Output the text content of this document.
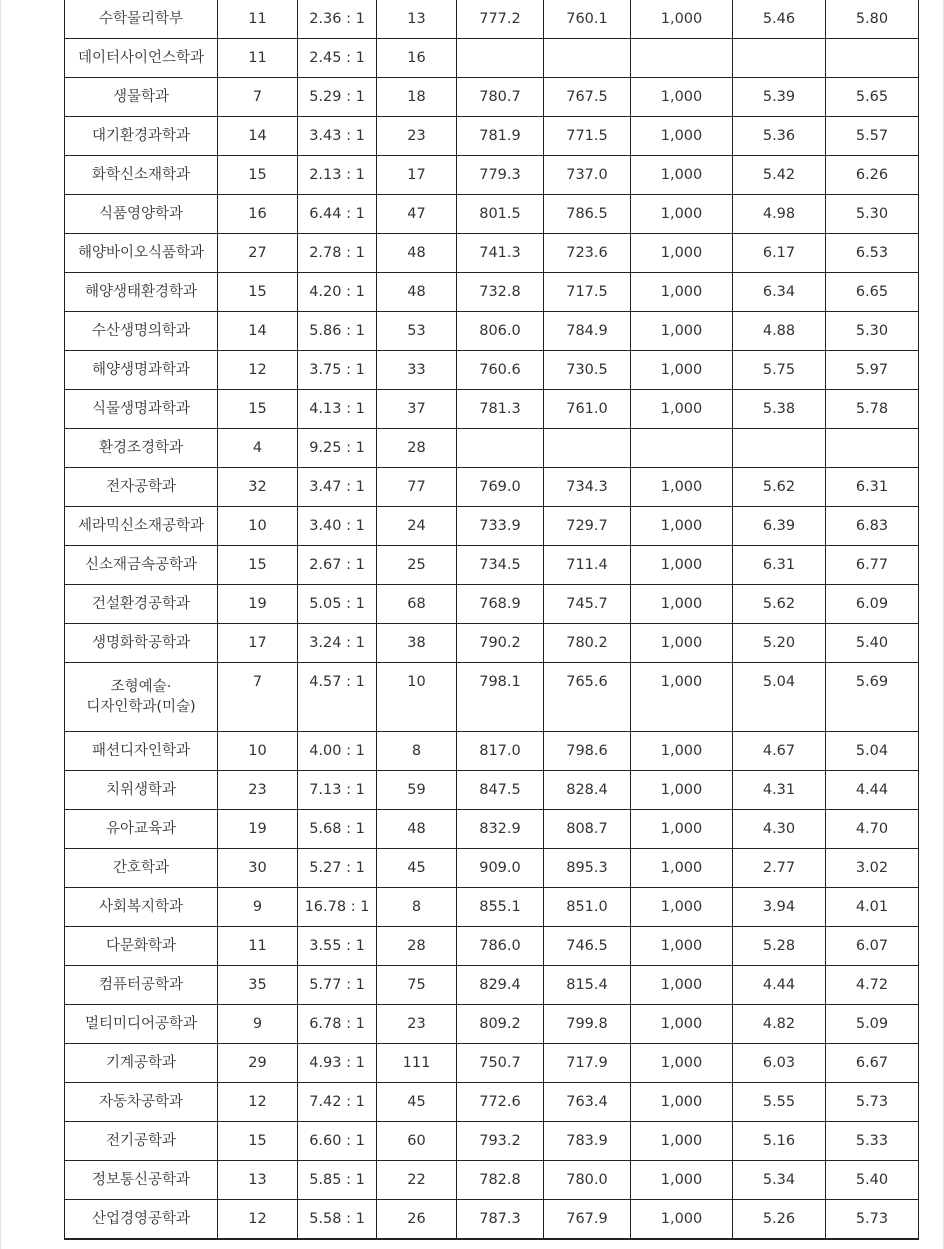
수학물리학부	11	2.36 : 1	13	777.2	760.1	1,000	5.46	5.80
데이터사이언스학과	11	2.45 : 1	16					
생물학과	7	5.29 : 1	18	780.7	767.5	1,000	5.39	5.65
대기환경과학과	14	3.43 : 1	23	781.9	771.5	1,000	5.36	5.57
화학신소재학과	15	2.13 : 1	17	779.3	737.0	1,000	5.42	6.26
식품영양학과	16	6.44 : 1	47	801.5	786.5	1,000	4.98	5.30
해양바이오식품학과	27	2.78 : 1	48	741.3	723.6	1,000	6.17	6.53
해양생태환경학과	15	4.20 : 1	48	732.8	717.5	1,000	6.34	6.65
수산생명의학과	14	5.86 : 1	53	806.0	784.9	1,000	4.88	5.30
해양생명과학과	12	3.75 : 1	33	760.6	730.5	1,000	5.75	5.97
식물생명과학과	15	4.13 : 1	37	781.3	761.0	1,000	5.38	5.78
환경조경학과	4	9.25 : 1	28					
전자공학과	32	3.47 : 1	77	769.0	734.3	1,000	5.62	6.31
세라믹신소재공학과	10	3.40 : 1	24	733.9	729.7	1,000	6.39	6.83
신소재금속공학과	15	2.67 : 1	25	734.5	711.4	1,000	6.31	6.77
건설환경공학과	19	5.05 : 1	68	768.9	745.7	1,000	5.62	6.09
생명화학공학과	17	3.24 : 1	38	790.2	780.2	1,000	5.20	5.40
조형예술·
디자인학과(미술)	7	4.57 : 1	10	798.1	765.6	1,000	5.04	5.69
패션디자인학과	10	4.00 : 1	8	817.0	798.6	1,000	4.67	5.04
치위생학과	23	7.13 : 1	59	847.5	828.4	1,000	4.31	4.44
유아교육과	19	5.68 : 1	48	832.9	808.7	1,000	4.30	4.70
간호학과	30	5.27 : 1	45	909.0	895.3	1,000	2.77	3.02
사회복지학과	9	16.78 : 1	8	855.1	851.0	1,000	3.94	4.01
다문화학과	11	3.55 : 1	28	786.0	746.5	1,000	5.28	6.07
컴퓨터공학과	35	5.77 : 1	75	829.4	815.4	1,000	4.44	4.72
멀티미디어공학과	9	6.78 : 1	23	809.2	799.8	1,000	4.82	5.09
기계공학과	29	4.93 : 1	111	750.7	717.9	1,000	6.03	6.67
자동차공학과	12	7.42 : 1	45	772.6	763.4	1,000	5.55	5.73
전기공학과	15	6.60 : 1	60	793.2	783.9	1,000	5.16	5.33
정보통신공학과	13	5.85 : 1	22	782.8	780.0	1,000	5.34	5.40
산업경영공학과	12	5.58 : 1	26	787.3	767.9	1,000	5.26	5.73
